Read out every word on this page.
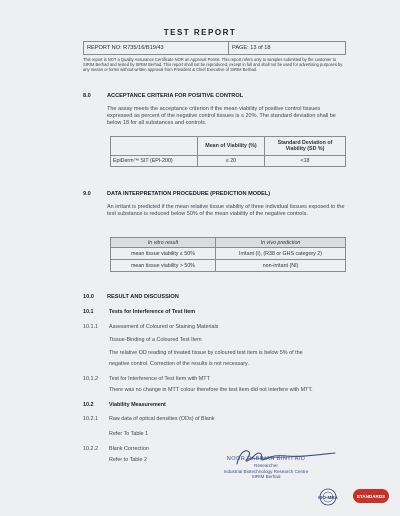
TEST REPORT
REPORT NO: R735/16/B19/43	PAGE: 13 of 18
This report is NOT a Quality Assurance Certificate NOR an Approval Permit. This report refers only to samples submitted by the customer to SIRIM Berhad and tested by SIRIM Berhad. This report shall not be reproduced, except in full and shall not be used for advertising purposes by any means or forms without written approval from President & Chief Executive of SIRIM Berhad.
8.0	ACCEPTANCE CRITERIA FOR POSITIVE CONTROL
The assay meets the acceptance criterion if the mean viability of positive control tissues expressed as percent of the negative control tissues is ≤ 20%. The standard deviation shall be below 18 for all substances and controls.
	Mean of Viability (%)	Standard Deviation of Viability (SD %)
EpiDerm™ SIT (EPI-200)	≤ 20	<18
9.0	DATA INTERPRETATION PROCEDURE (PREDICTION MODEL)
An irritant is predicted if the mean relative tissue viability of three individual tissues exposed to the test substance is reduced below 50% of the mean viability of the negative controls.
In vitro result	In vivo prediction
mean tissue viability ≤ 50%	Irritant (I), (R38 or GHS category 2)
mean tissue viability > 50%	non-irritant (NI)
10.0 RESULT AND DISCUSSION
10.1	Tests for Interference of Test Item
10.1.1 Assessment of Coloured or Staining Materials
Tissue-Binding of a Coloured Test Item
The relative OD reading of treated tissue by coloured test item is below 5% of the
negative control. Correction of the results is not necessary.
10.1.2 Test for Interference of Test Item with MTT
There was no change in MTT colour therefore the test item did not interfere with MTT.
10.2	Viability Measurement
10.2.1 Raw data of optical densities (ODs) of Blank
Refer To Table 1
10.2.2 Blank Correction
Refer to Table 2	NOOR RABIHAH BINTI AID
Researcher
Industrial Biotechnology Research Centre
SIRIM Berhad
ISO-MRA	STANDARDS
